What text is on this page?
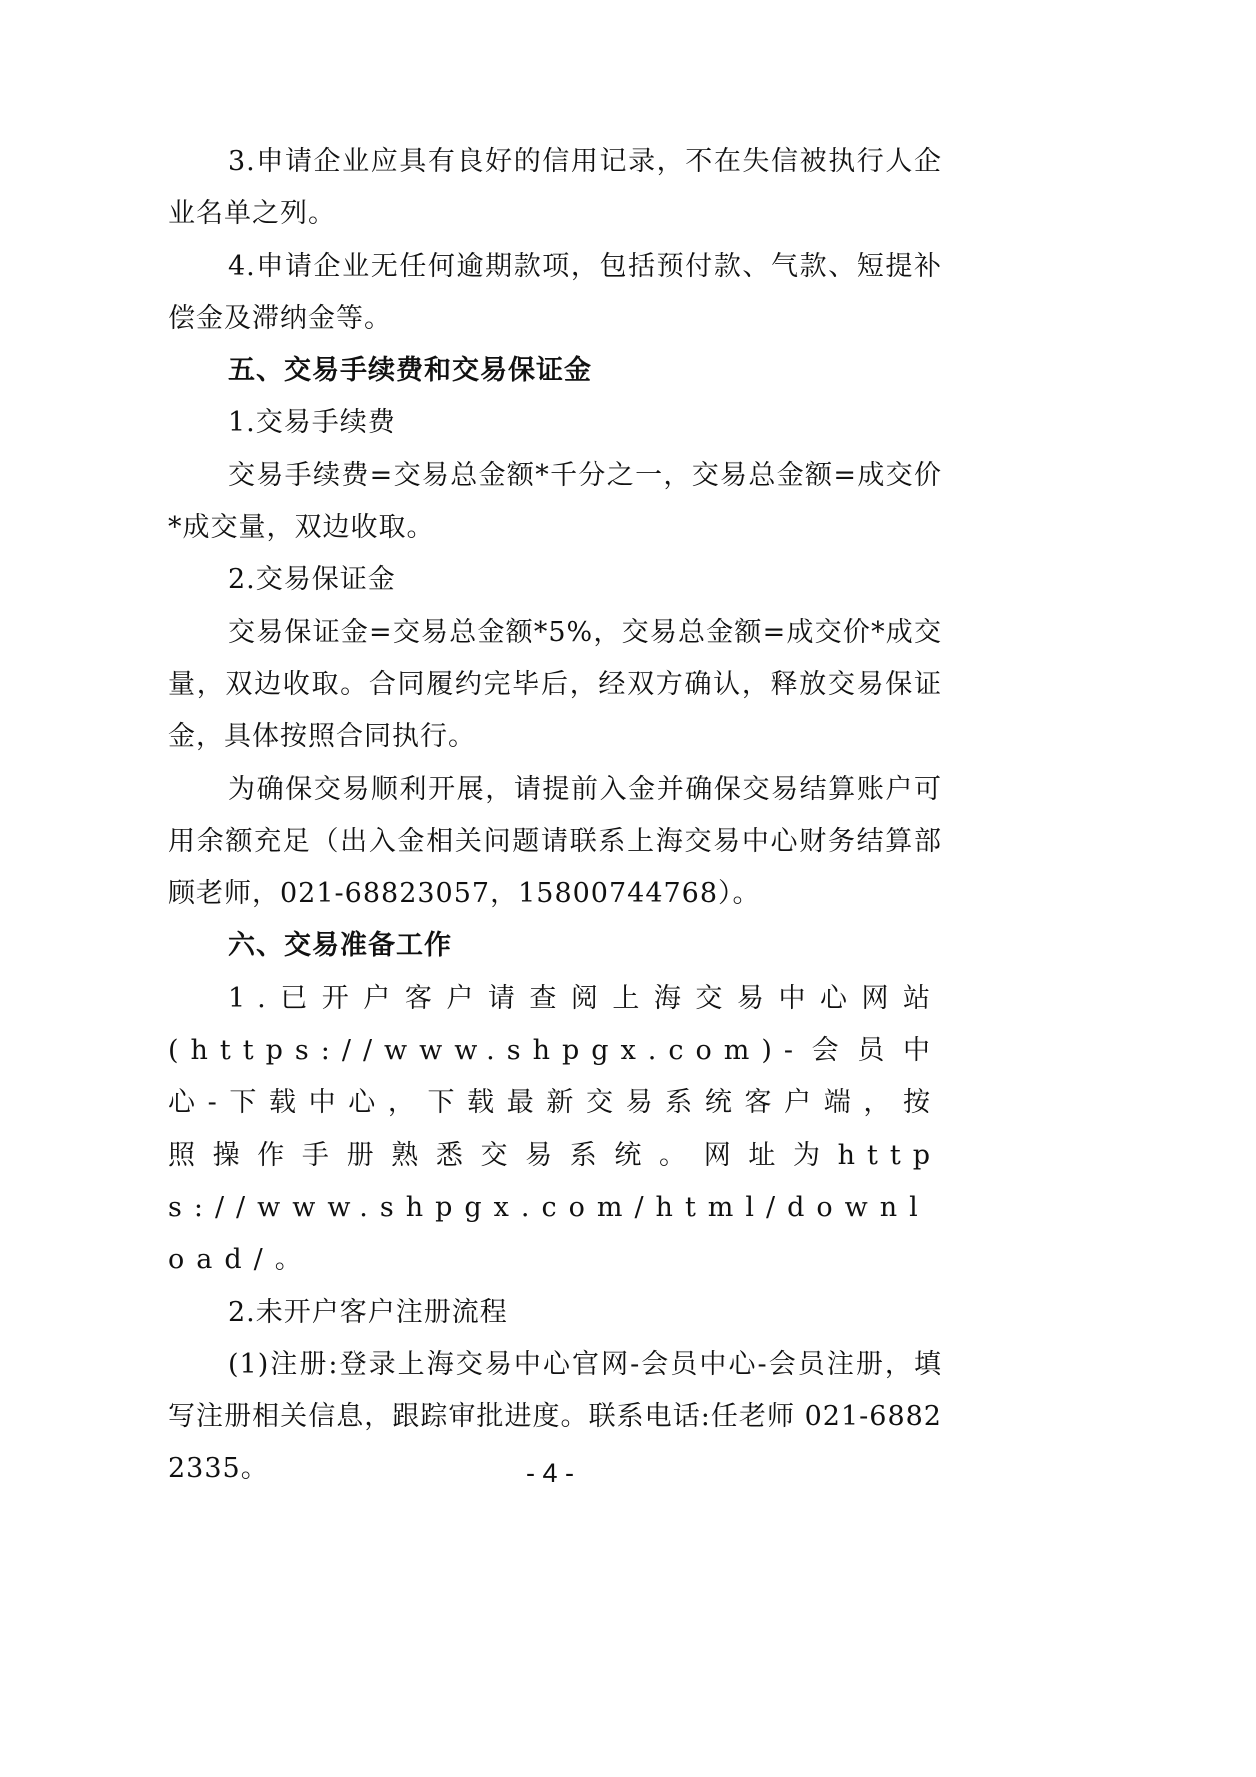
3.申请企业应具有良好的信用记录，不在失信被执行人企业名单之列。

4.申请企业无任何逾期款项，包括预付款、气款、短提补偿金及滞纳金等。

五、交易手续费和交易保证金

1.交易手续费

交易手续费=交易总金额*千分之一，交易总金额=成交价*成交量，双边收取。

2.交易保证金

交易保证金=交易总金额*5%，交易总金额=成交价*成交量，双边收取。合同履约完毕后，经双方确认，释放交易保证金，具体按照合同执行。

为确保交易顺利开展，请提前入金并确保交易结算账户可用余额充足（出入金相关问题请联系上海交易中心财务结算部顾老师，021-68823057，15800744768）。

六、交易准备工作

1.已开户客户请查阅上海交易中心网站(https://www.shpgx.com)-会员中心-下载中心，下载最新交易系统客户端，按照操作手册熟悉交易系统。网址为https://www.shpgx.com/html/download/。

2.未开户客户注册流程

(1)注册:登录上海交易中心官网-会员中心-会员注册，填写注册相关信息，跟踪审批进度。联系电话:任老师 021-68822335。	- 4 -
